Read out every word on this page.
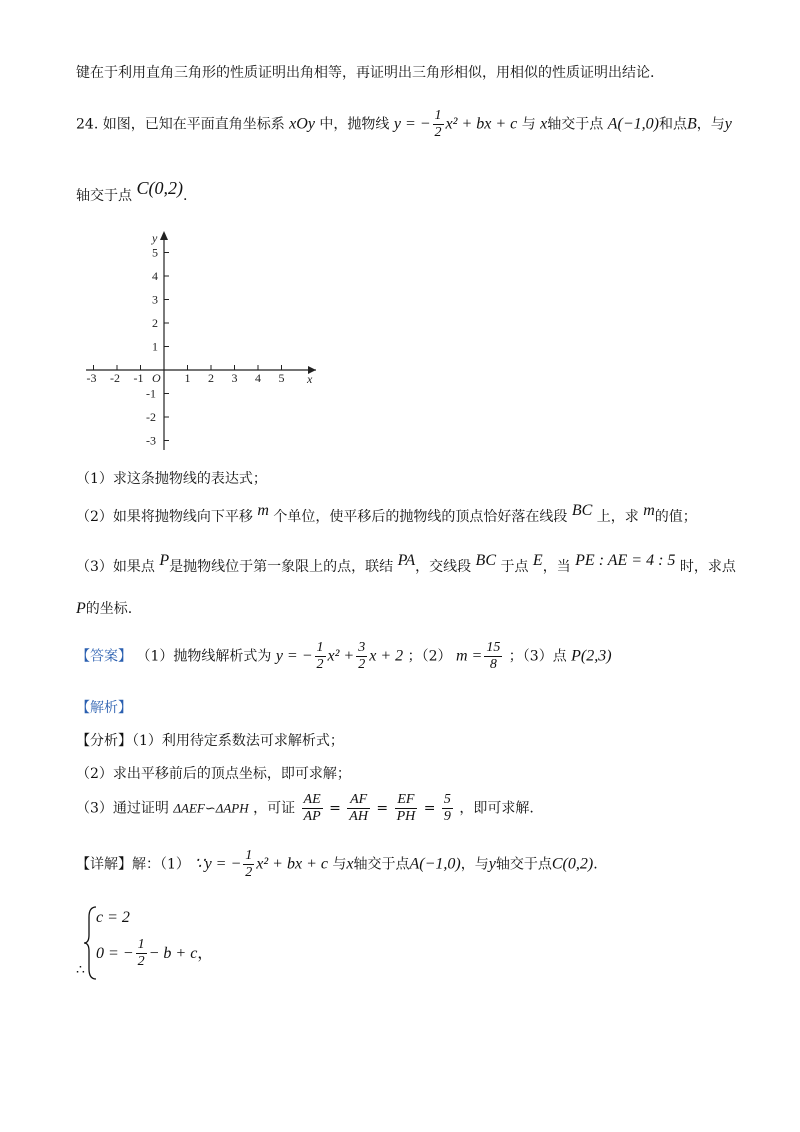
键在于利用直角三角形的性质证明出角相等，再证明出三角形相似，用相似的性质证明出结论.
24. 如图，已知在平面直角坐标系 xOy 中，抛物线 y = − $\frac{1}{2} x^2$ + bx + c 与 x轴交于点 A(−1,0)和点B，与y
轴交于点 C(0,2).
-3 -2 -1	1 2 3 4 5
5
4
3
2
1
-1
-2
-3
O	x
y
（1）求这条抛物线的表达式；
（2）如果将抛物线向下平移 m 个单位，使平移后的抛物线的顶点恰好落在线段 BC 上，求 m的值；
（3）如果点 P是抛物线位于第一象限上的点，联结 PA，交线段 BC 于点 E，当 PE : AE = 4 : 5 时，求点
P的坐标.
【答案】 （1）抛物线解析式为 y = − $\frac{1}{2} x^2 + \frac{3}{2}$ x + 2 ；（2） $m = \frac{15}{8}$ ；（3）点 P(2,3)
【解析】
【分析】（1）利用待定系数法可求解析式；
（2）求出平移前后的顶点坐标，即可求解；
（3）通过证明 ΔAEF∽ΔAPH ，可证 $\frac{AE}{AP} = \frac{AF}{AH} = \frac{EF}{PH} = \frac{5}{9}$ ，即可求解.
【详解】解：（1） ∵y = − $\frac{1}{2} x^2$ + bx + c 与x轴交于点A(−1,0)，与y轴交于点C(0,2).
c = 2
0 = − $\frac{1}{2} - b + c$，
∴
